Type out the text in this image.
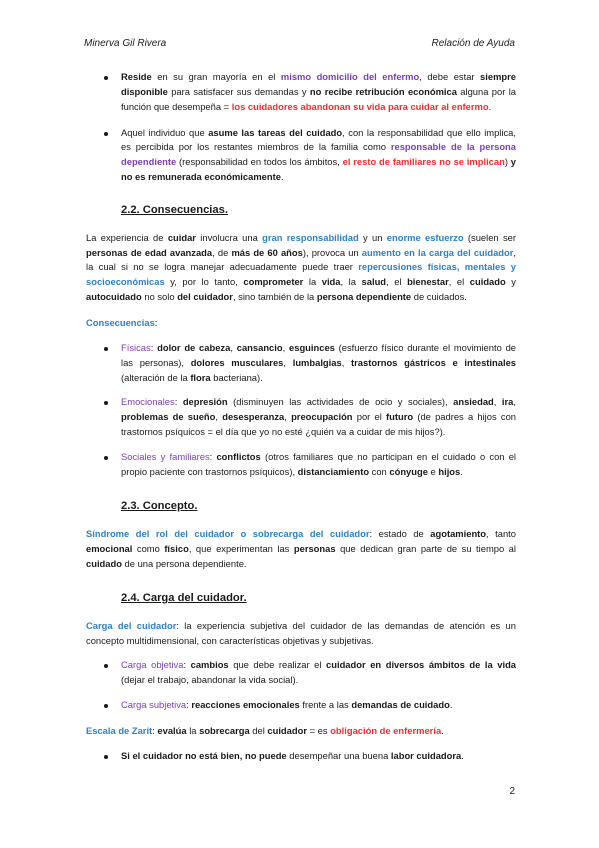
Minerva Gil Rivera	Relación de Ayuda
Reside en su gran mayoría en el mismo domicilio del enfermo, debe estar siempre disponible para satisfacer sus demandas y no recibe retribución económica alguna por la función que desempeña = los cuidadores abandonan su vida para cuidar al enfermo.
Aquel individuo que asume las tareas del cuidado, con la responsabilidad que ello implica, es percibida por los restantes miembros de la familia como responsable de la persona dependiente (responsabilidad en todos los ámbitos, el resto de familiares no se implican) y no es remunerada económicamente.
2.2. Consecuencias.

La experiencia de cuidar involucra una gran responsabilidad y un enorme esfuerzo (suelen ser personas de edad avanzada, de más de 60 años), provoca un aumento en la carga del cuidador, la cual si no se logra manejar adecuadamente puede traer repercusiones físicas, mentales y socioeconómicas y, por lo tanto, comprometer la vida, la salud, el bienestar, el cuidado y autocuidado no solo del cuidador, sino también de la persona dependiente de cuidados.

Consecuencias:

Físicas: dolor de cabeza, cansancio, esguinces (esfuerzo físico durante el movimiento de las personas), dolores musculares, lumbalgias, trastornos gástricos e intestinales (alteración de la flora bacteriana).
Emocionales: depresión (disminuyen las actividades de ocio y sociales), ansiedad, ira, problemas de sueño, desesperanza, preocupación por el futuro (de padres a hijos con trastornos psíquicos = el día que yo no esté ¿quién va a cuidar de mis hijos?).
Sociales y familiares: conflictos (otros familiares que no participan en el cuidado o con el propio paciente con trastornos psíquicos), distanciamiento con cónyuge e hijos.
2.3. Concepto.

Síndrome del rol del cuidador o sobrecarga del cuidador: estado de agotamiento, tanto emocional como físico, que experimentan las personas que dedican gran parte de su tiempo al cuidado de una persona dependiente.

2.4. Carga del cuidador.

Carga del cuidador: la experiencia subjetiva del cuidador de las demandas de atención es un concepto multidimensional, con características objetivas y subjetivas.

Carga objetiva: cambios que debe realizar el cuidador en diversos ámbitos de la vida (dejar el trabajo, abandonar la vida social).
Carga subjetiva: reacciones emocionales frente a las demandas de cuidado.

Escala de Zarit: evalúa la sobrecarga del cuidador = es obligación de enfermería.

Si el cuidador no está bien, no puede desempeñar una buena labor cuidadora.
2
